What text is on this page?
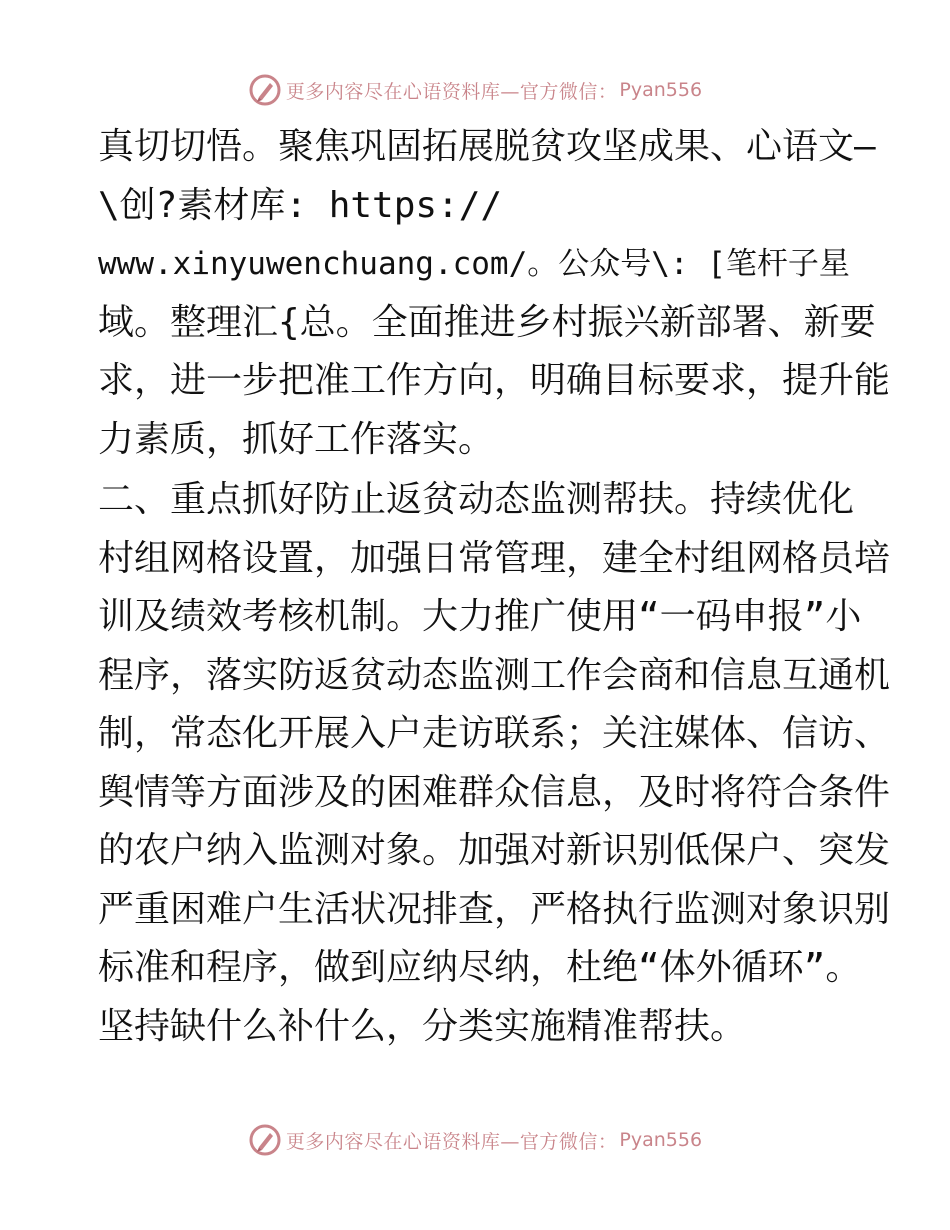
更多内容尽在心语资料库—官方微信： Pyan556
真切切悟。聚焦巩固拓展脱贫攻坚成果、心语文—
\创?素材库: https://
www.xinyuwenchuang.com/。公众号\: [笔杆子星
域。整理汇{总。全面推进乡村振兴新部署、新要
求，进一步把准工作方向，明确目标要求，提升能
力素质，抓好工作落实。
二、重点抓好防止返贫动态监测帮扶。持续优化
村组网格设置，加强日常管理，建全村组网格员培
训及绩效考核机制。大力推广使用“一码申报”小
程序，落实防返贫动态监测工作会商和信息互通机
制，常态化开展入户走访联系；关注媒体、信访、
舆情等方面涉及的困难群众信息，及时将符合条件
的农户纳入监测对象。加强对新识别低保户、突发
严重困难户生活状况排查，严格执行监测对象识别
标准和程序，做到应纳尽纳，杜绝“体外循环”。
坚持缺什么补什么，分类实施精准帮扶。
更多内容尽在心语资料库—官方微信： Pyan556
